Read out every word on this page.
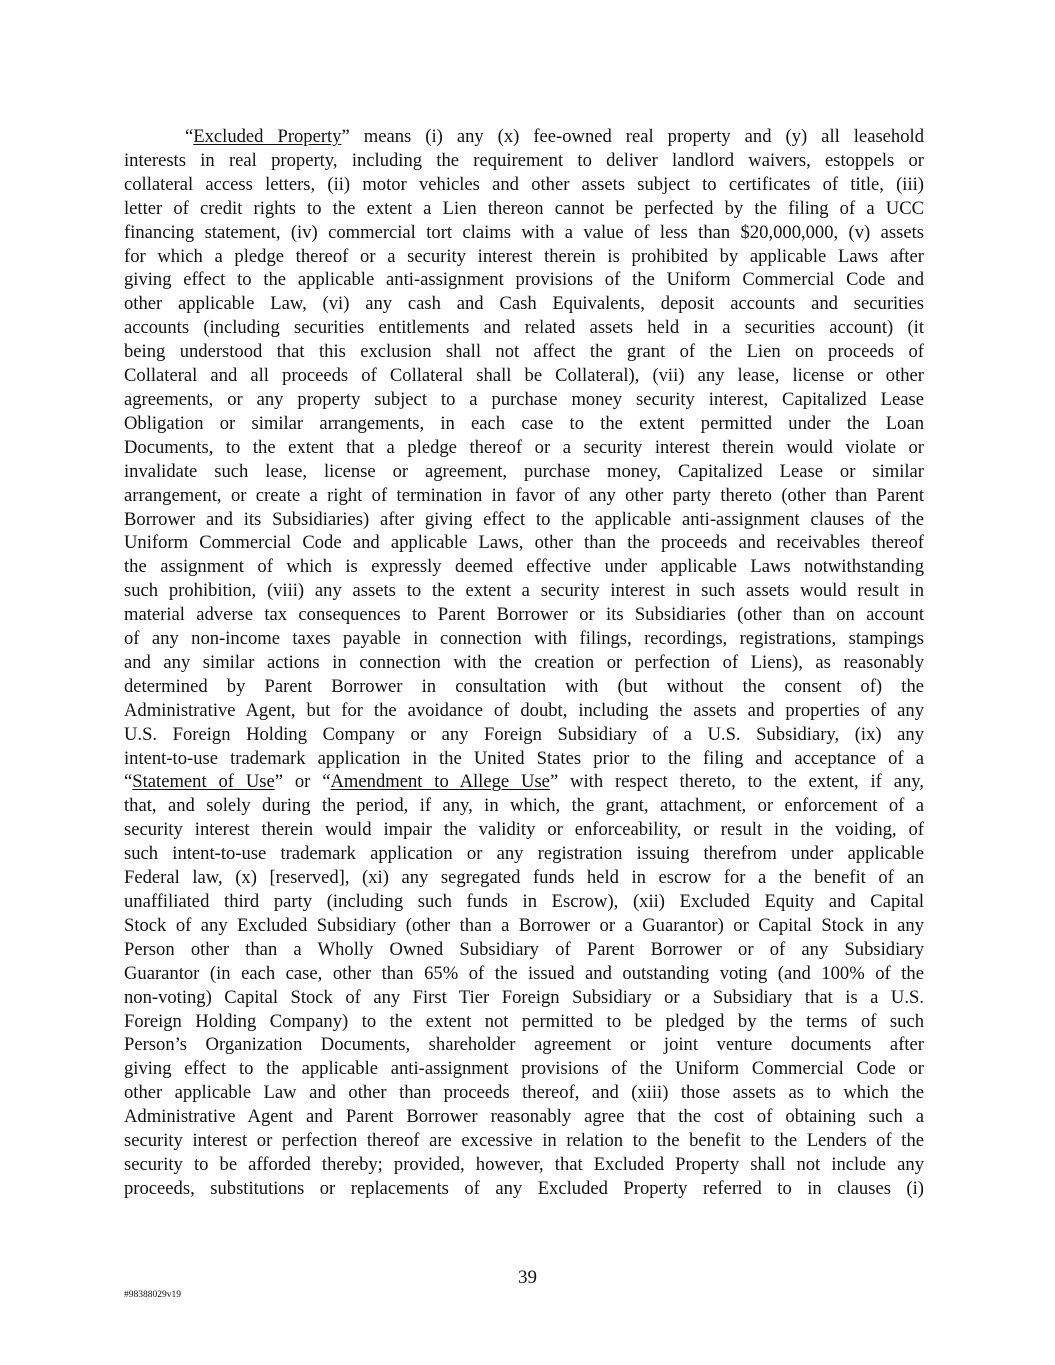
“Excluded Property” means (i) any (x) fee-owned real property and (y) all leasehold
interests in real property, including the requirement to deliver landlord waivers, estoppels or
collateral access letters, (ii) motor vehicles and other assets subject to certificates of title, (iii)
letter of credit rights to the extent a Lien thereon cannot be perfected by the filing of a UCC
financing statement, (iv) commercial tort claims with a value of less than $20,000,000, (v) assets
for which a pledge thereof or a security interest therein is prohibited by applicable Laws after
giving effect to the applicable anti-assignment provisions of the Uniform Commercial Code and
other applicable Law, (vi) any cash and Cash Equivalents, deposit accounts and securities
accounts (including securities entitlements and related assets held in a securities account) (it
being understood that this exclusion shall not affect the grant of the Lien on proceeds of
Collateral and all proceeds of Collateral shall be Collateral), (vii) any lease, license or other
agreements, or any property subject to a purchase money security interest, Capitalized Lease
Obligation or similar arrangements, in each case to the extent permitted under the Loan
Documents, to the extent that a pledge thereof or a security interest therein would violate or
invalidate such lease, license or agreement, purchase money, Capitalized Lease or similar
arrangement, or create a right of termination in favor of any other party thereto (other than Parent
Borrower and its Subsidiaries) after giving effect to the applicable anti-assignment clauses of the
Uniform Commercial Code and applicable Laws, other than the proceeds and receivables thereof
the assignment of which is expressly deemed effective under applicable Laws notwithstanding
such prohibition, (viii) any assets to the extent a security interest in such assets would result in
material adverse tax consequences to Parent Borrower or its Subsidiaries (other than on account
of any non-income taxes payable in connection with filings, recordings, registrations, stampings
and any similar actions in connection with the creation or perfection of Liens), as reasonably
determined by Parent Borrower in consultation with (but without the consent of) the
Administrative Agent, but for the avoidance of doubt, including the assets and properties of any
U.S. Foreign Holding Company or any Foreign Subsidiary of a U.S. Subsidiary, (ix) any
intent-to-use trademark application in the United States prior to the filing and acceptance of a
“Statement of Use” or “Amendment to Allege Use” with respect thereto, to the extent, if any,
that, and solely during the period, if any, in which, the grant, attachment, or enforcement of a
security interest therein would impair the validity or enforceability, or result in the voiding, of
such intent-to-use trademark application or any registration issuing therefrom under applicable
Federal law, (x) [reserved], (xi) any segregated funds held in escrow for a the benefit of an
unaffiliated third party (including such funds in Escrow), (xii) Excluded Equity and Capital
Stock of any Excluded Subsidiary (other than a Borrower or a Guarantor) or Capital Stock in any
Person other than a Wholly Owned Subsidiary of Parent Borrower or of any Subsidiary
Guarantor (in each case, other than 65% of the issued and outstanding voting (and 100% of the
non-voting) Capital Stock of any First Tier Foreign Subsidiary or a Subsidiary that is a U.S.
Foreign Holding Company) to the extent not permitted to be pledged by the terms of such
Person’s Organization Documents, shareholder agreement or joint venture documents after
giving effect to the applicable anti-assignment provisions of the Uniform Commercial Code or
other applicable Law and other than proceeds thereof, and (xiii) those assets as to which the
Administrative Agent and Parent Borrower reasonably agree that the cost of obtaining such a
security interest or perfection thereof are excessive in relation to the benefit to the Lenders of the
security to be afforded thereby; provided, however, that Excluded Property shall not include any
proceeds, substitutions or replacements of any Excluded Property referred to in clauses (i)
39
#98388029v19
